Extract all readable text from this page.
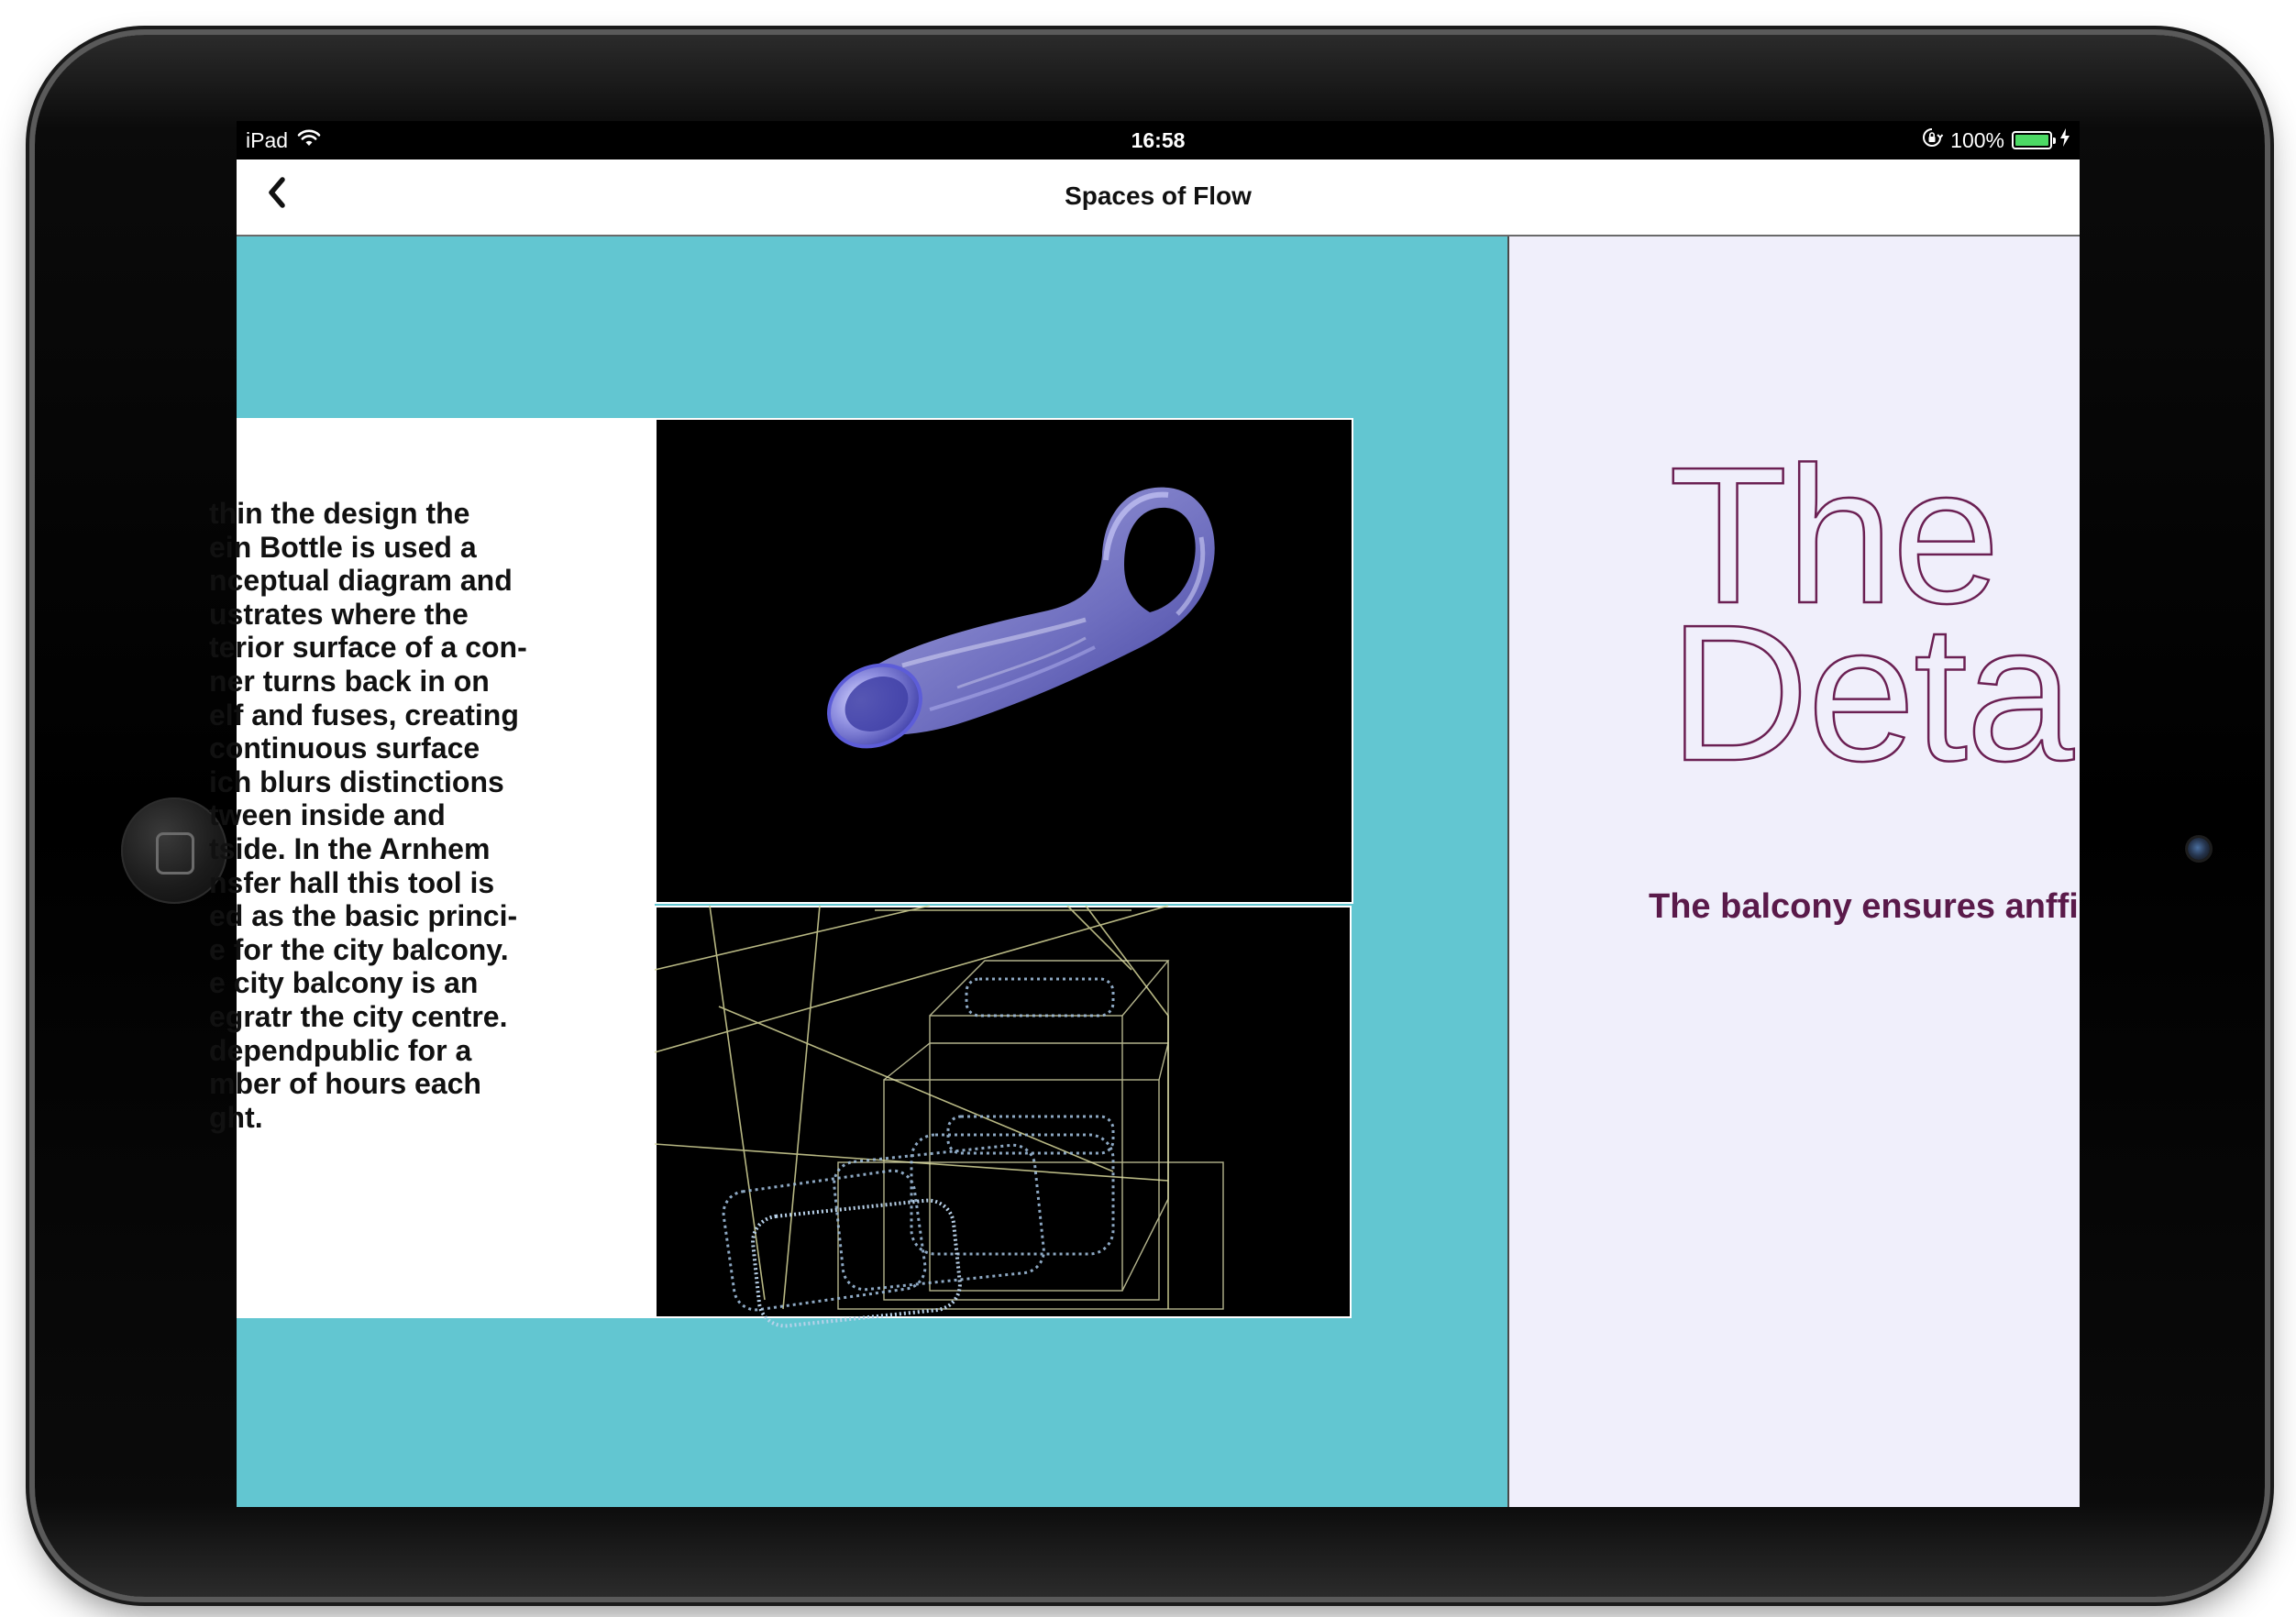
iPad	16:58	100%
Spaces of Flow
thin the design the
ein Bottle is used a
nceptual diagram and
ustrates where the
terior surface of a con-
ner turns back in on
elf and fuses, creating
continuous surface
ich blurs distinctions
tween inside and
tside. In the Arnhem
nsfer hall this tool is
ed as the basic princi-
e for the city balcony.
e city balcony is an
egratr the city centre.
dependpublic for a
mber of hours each
ght.
The
Deta
The balcony ensures anffi
